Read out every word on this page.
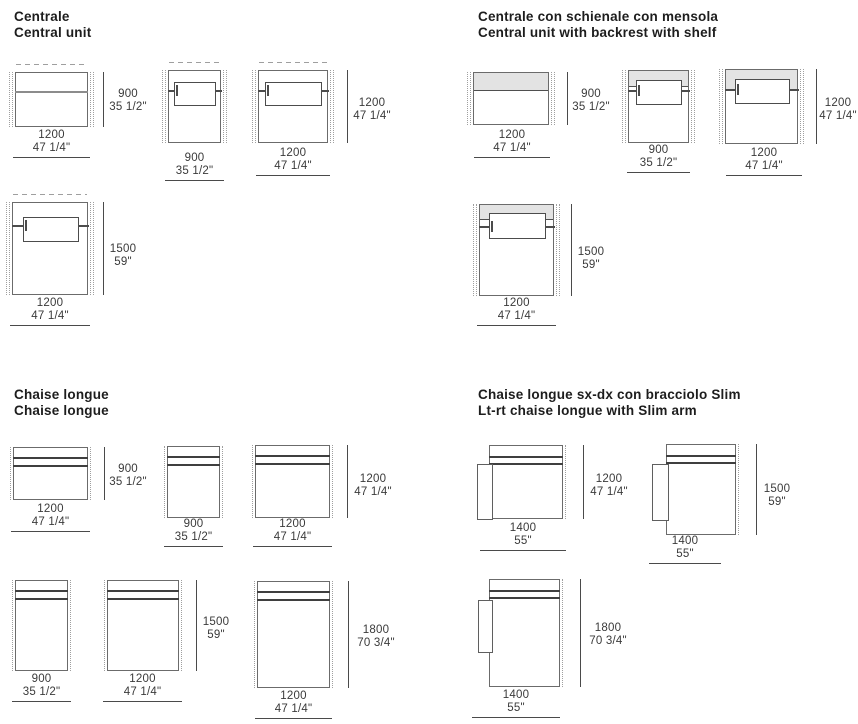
Centrale
Central unit
1200
47 1/4"
900
35 1/2"
900
35 1/2"
1200
47 1/4"
1200
47 1/4"
1200
47 1/4"
1500
59"
Centrale con schienale con mensola
Central unit with backrest with shelf
1200
47 1/4"
900
35 1/2"
900
35 1/2"
1200
47 1/4"
1200
47 1/4"
1200
47 1/4"
1500
59"
Chaise longue
Chaise longue
1200
47 1/4"
900
35 1/2"
900
35 1/2"
1200
47 1/4"
1200
47 1/4"
900
35 1/2"
1200
47 1/4"
1500
59"
1200
47 1/4"
1800
70 3/4"
Chaise longue sx-dx con bracciolo Slim
Lt-rt chaise longue with Slim arm
1400
55"
1200
47 1/4"
1400
55"
1500
59"
1400
55"
1800
70 3/4"
